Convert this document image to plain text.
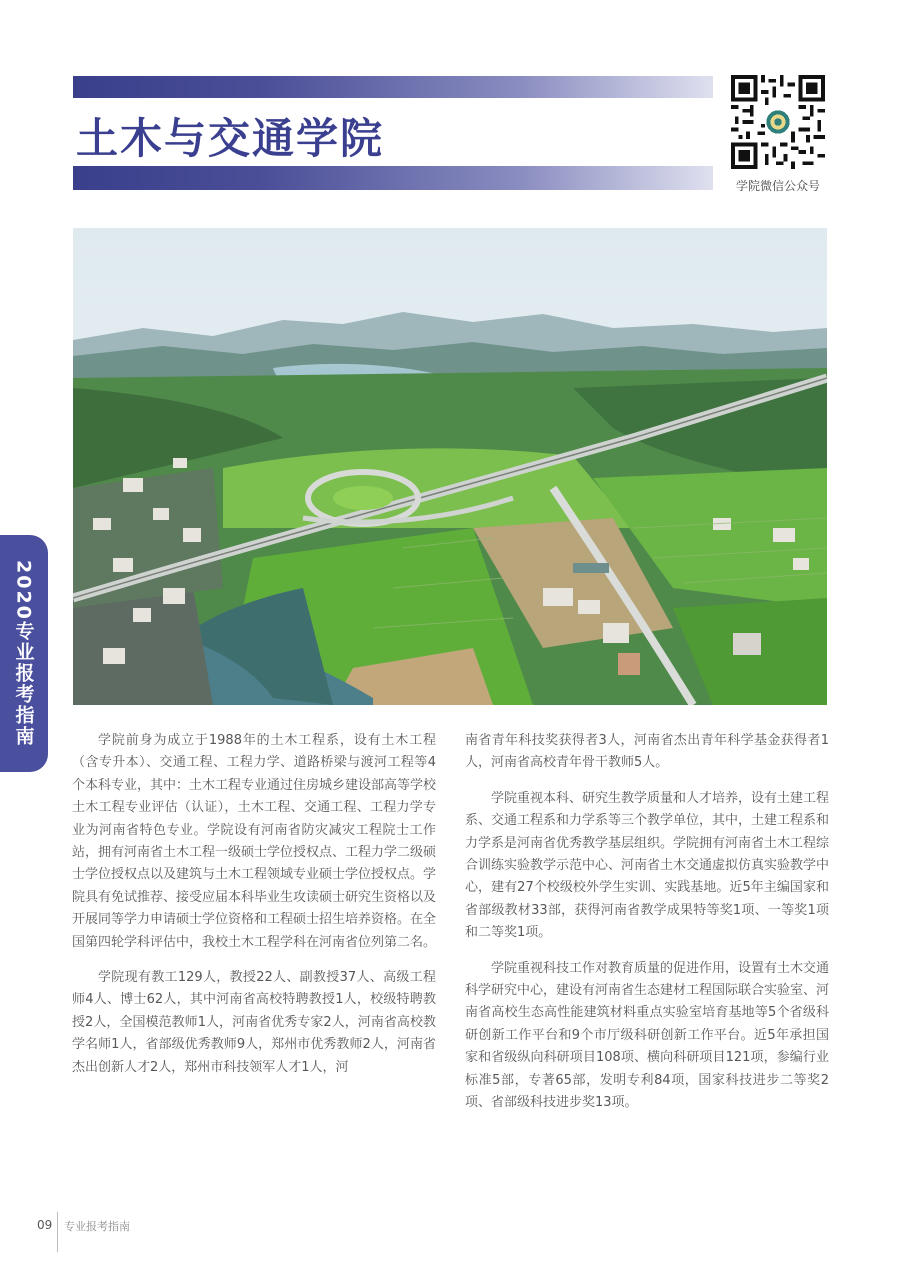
土木与交通学院
学院微信公众号
2020专业报考指南	学院前身为成立于1988年的土木工程系，设有土木工程（含专升本）、交通工程、工程力学、道路桥梁与渡河工程等4个本科专业，其中：土木工程专业通过住房城乡建设部高等学校土木工程专业评估（认证），土木工程、交通工程、工程力学专业为河南省特色专业。学院设有河南省防灾减灾工程院士工作站，拥有河南省土木工程一级硕士学位授权点、工程力学二级硕士学位授权点以及建筑与土木工程领域专业硕士学位授权点。学院具有免试推荐、接受应届本科毕业生攻读硕士研究生资格以及开展同等学力申请硕士学位资格和工程硕士招生培养资格。在全国第四轮学科评估中，我校土木工程学科在河南省位列第二名。

学院现有教工129人，教授22人、副教授37人、高级工程师4人、博士62人，其中河南省高校特聘教授1人，校级特聘教授2人，全国模范教师1人，河南省优秀专家2人，河南省高校教学名师1人，省部级优秀教师9人，郑州市优秀教师2人，河南省杰出创新人才2人，郑州市科技领军人才1人，河

南省青年科技奖获得者3人，河南省杰出青年科学基金获得者1人，河南省高校青年骨干教师5人。

学院重视本科、研究生教学质量和人才培养，设有土建工程系、交通工程系和力学系等三个教学单位，其中，土建工程系和力学系是河南省优秀教学基层组织。学院拥有河南省土木工程综合训练实验教学示范中心、河南省土木交通虚拟仿真实验教学中心，建有27个校级校外学生实训、实践基地。近5年主编国家和省部级教材33部，获得河南省教学成果特等奖1项、一等奖1项和二等奖1项。

学院重视科技工作对教育质量的促进作用，设置有土木交通科学研究中心，建设有河南省生态建材工程国际联合实验室、河南省高校生态高性能建筑材料重点实验室培育基地等5个省级科研创新工作平台和9个市厅级科研创新工作平台。近5年承担国家和省级纵向科研项目108项、横向科研项目121项，参编行业标准5部，专著65部，发明专利84项，国家科技进步二等奖2项、省部级科技进步奖13项。

09 专业报考指南
